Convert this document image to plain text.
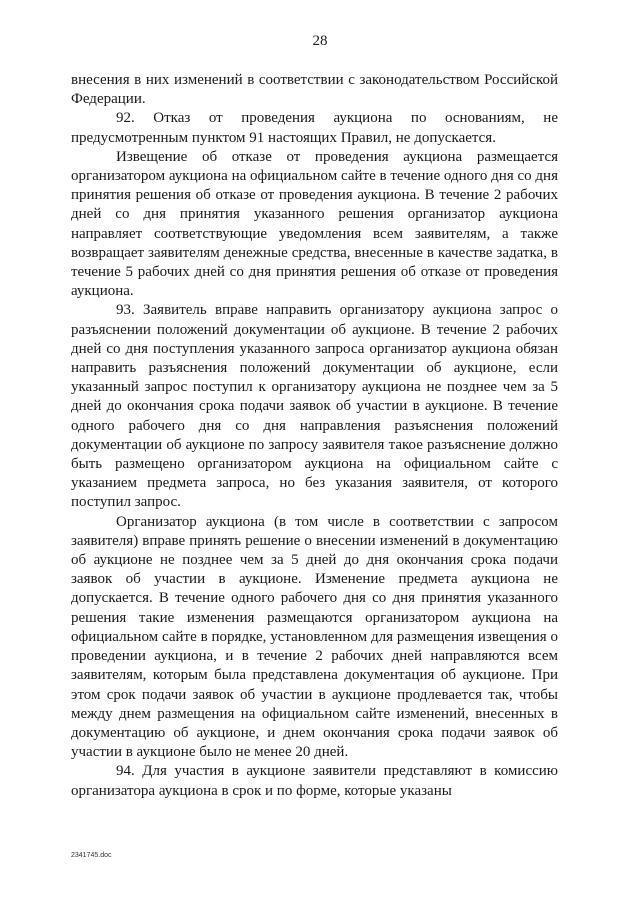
28

внесения в них изменений в соответствии с законодательством Российской Федерации.

92. Отказ от проведения аукциона по основаниям, не предусмотренным пунктом 91 настоящих Правил, не допускается.

Извещение об отказе от проведения аукциона размещается организатором аукциона на официальном сайте в течение одного дня со дня принятия решения об отказе от проведения аукциона. В течение 2 рабочих дней со дня принятия указанного решения организатор аукциона направляет соответствующие уведомления всем заявителям, а также возвращает заявителям денежные средства, внесенные в качестве задатка, в течение 5 рабочих дней со дня принятия решения об отказе от проведения аукциона.

93. Заявитель вправе направить организатору аукциона запрос о разъяснении положений документации об аукционе. В течение 2 рабочих дней со дня поступления указанного запроса организатор аукциона обязан направить разъяснения положений документации об аукционе, если указанный запрос поступил к организатору аукциона не позднее чем за 5 дней до окончания срока подачи заявок об участии в аукционе. В течение одного рабочего дня со дня направления разъяснения положений документации об аукционе по запросу заявителя такое разъяснение должно быть размещено организатором аукциона на официальном сайте с указанием предмета запроса, но без указания заявителя, от которого поступил запрос.

Организатор аукциона (в том числе в соответствии с запросом заявителя) вправе принять решение о внесении изменений в документацию об аукционе не позднее чем за 5 дней до дня окончания срока подачи заявок об участии в аукционе. Изменение предмета аукциона не допускается. В течение одного рабочего дня со дня принятия указанного решения такие изменения размещаются организатором аукциона на официальном сайте в порядке, установленном для размещения извещения о проведении аукциона, и в течение 2 рабочих дней направляются всем заявителям, которым была представлена документация об аукционе. При этом срок подачи заявок об участии в аукционе продлевается так, чтобы между днем размещения на официальном сайте изменений, внесенных в документацию об аукционе, и днем окончания срока подачи заявок об участии в аукционе было не менее 20 дней.

94. Для участия в аукционе заявители представляют в комиссию организатора аукциона в срок и по форме, которые указаны

2341745.doc
